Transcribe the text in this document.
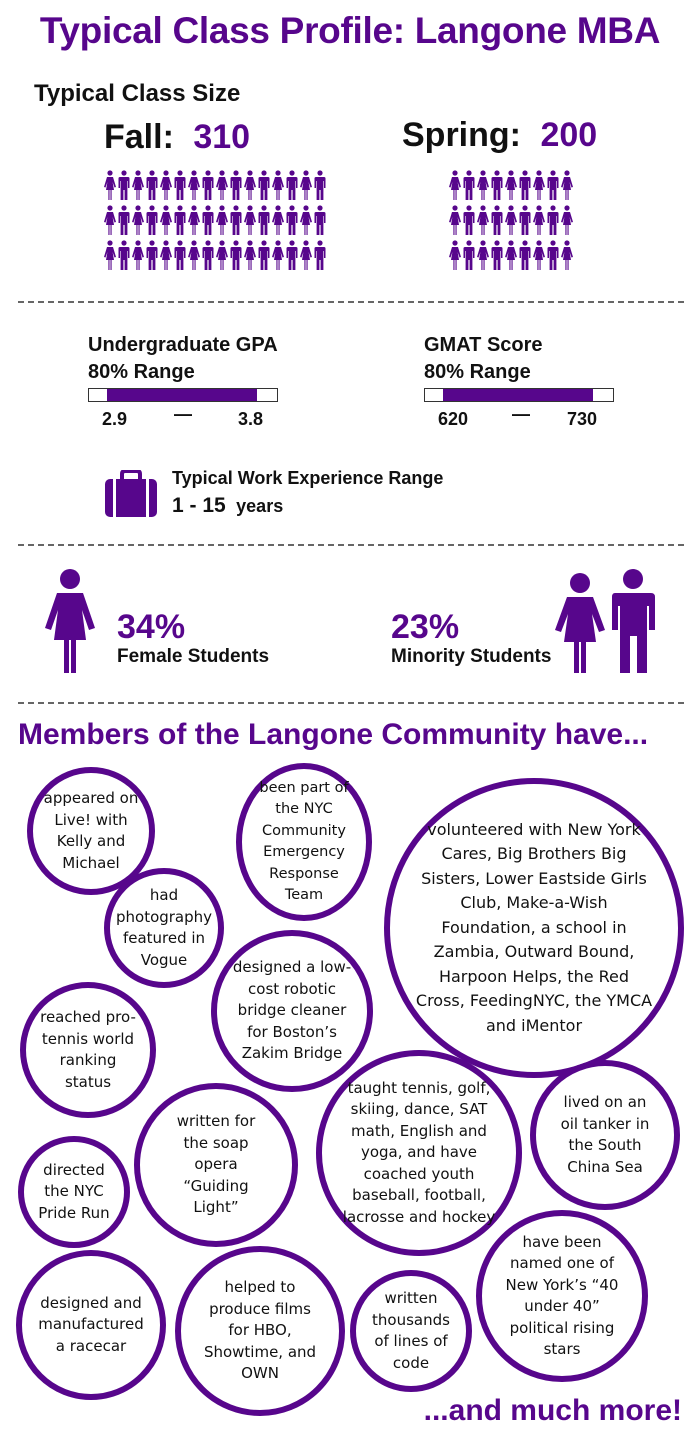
Typical Class Profile: Langone MBA
Typical Class Size
Fall: 310	Spring: 200
Undergraduate GPA
80% Range
2.9	—	3.8
GMAT Score
80% Range
620 — 730
Typical Work Experience Range
1 - 15 years
34%
Female Students
23%
Minority Students
Members of the Langone Community have...
appeared on Live! with Kelly and Michael
been part of the NYC Community Emergency Response Team
volunteered with New York Cares, Big Brothers Big Sisters, Lower Eastside Girls Club, Make-a-Wish Foundation, a school in Zambia, Outward Bound, Harpoon Helps, the Red Cross, FeedingNYC, the YMCA and iMentor
had photography featured in Vogue	designed a low-cost robotic bridge cleaner for Boston’s Zakim Bridge
reached pro-tennis world ranking status
written for the soap opera “Guiding Light”
taught tennis, golf, skiing, dance, SAT math, English and yoga, and have coached youth baseball, football, lacrosse and hockey
lived on an oil tanker in the South China Sea
directed the NYC Pride Run
designed and manufactured a racecar
helped to produce films for HBO, Showtime, and OWN
written thousands of lines of code
have been named one of New York’s “40 under 40” political rising stars
...and much more!
